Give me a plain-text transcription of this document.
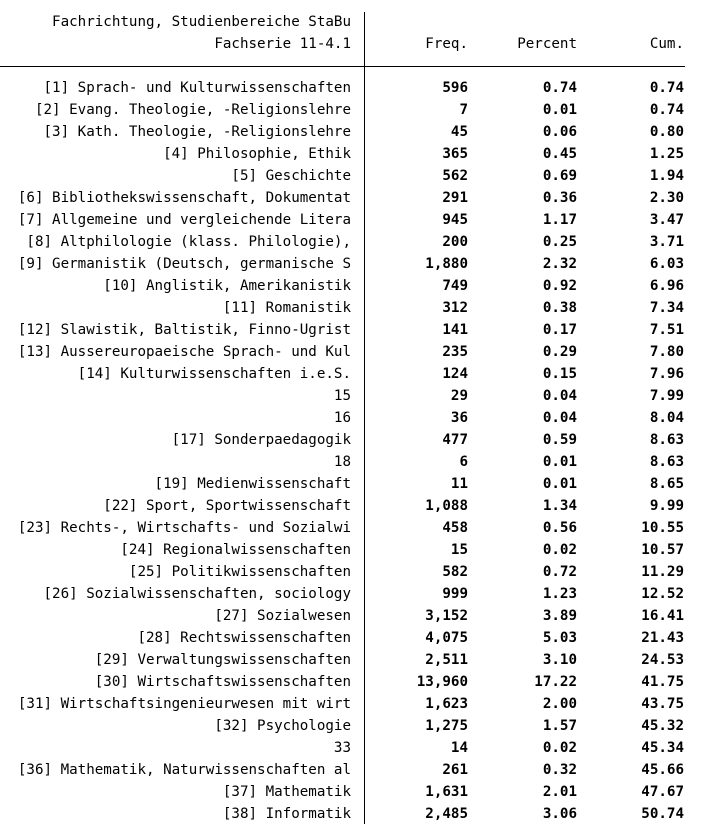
Fachrichtung, Studienbereiche StaBu
Fachserie 11-4.1	Freq.	Percent	Cum.
[1] Sprach- und Kulturwissenschaften	596	0.74	0.74
[2] Evang. Theologie, -Religionslehre	7	0.01	0.74
[3] Kath. Theologie, -Religionslehre	45	0.06	0.80
[4] Philosophie, Ethik	365	0.45	1.25
[5] Geschichte	562	0.69	1.94
[6] Bibliothekswissenschaft, Dokumentat	291	0.36	2.30
[7] Allgemeine und vergleichende Litera	945	1.17	3.47
[8] Altphilologie (klass. Philologie),	200	0.25	3.71
[9] Germanistik (Deutsch, germanische S	1,880	2.32	6.03
[10] Anglistik, Amerikanistik	749	0.92	6.96
[11] Romanistik	312	0.38	7.34
[12] Slawistik, Baltistik, Finno-Ugrist	141	0.17	7.51
[13] Aussereuropaeische Sprach- und Kul	235	0.29	7.80
[14] Kulturwissenschaften i.e.S.	124	0.15	7.96
15	29	0.04	7.99
16	36	0.04	8.04
[17] Sonderpaedagogik	477	0.59	8.63
18	6	0.01	8.63
[19] Medienwissenschaft	11	0.01	8.65
[22] Sport, Sportwissenschaft	1,088	1.34	9.99
[23] Rechts-, Wirtschafts- und Sozialwi	458	0.56	10.55
[24] Regionalwissenschaften	15	0.02	10.57
[25] Politikwissenschaften	582	0.72	11.29
[26] Sozialwissenschaften, sociology	999	1.23	12.52
[27] Sozialwesen	3,152	3.89	16.41
[28] Rechtswissenschaften	4,075	5.03	21.43
[29] Verwaltungswissenschaften	2,511	3.10	24.53
[30] Wirtschaftswissenschaften	13,960	17.22	41.75
[31] Wirtschaftsingenieurwesen mit wirt	1,623	2.00	43.75
[32] Psychologie	1,275	1.57	45.32
33	14	0.02	45.34
[36] Mathematik, Naturwissenschaften al	261	0.32	45.66
[37] Mathematik	1,631	2.01	47.67
[38] Informatik	2,485	3.06	50.74
